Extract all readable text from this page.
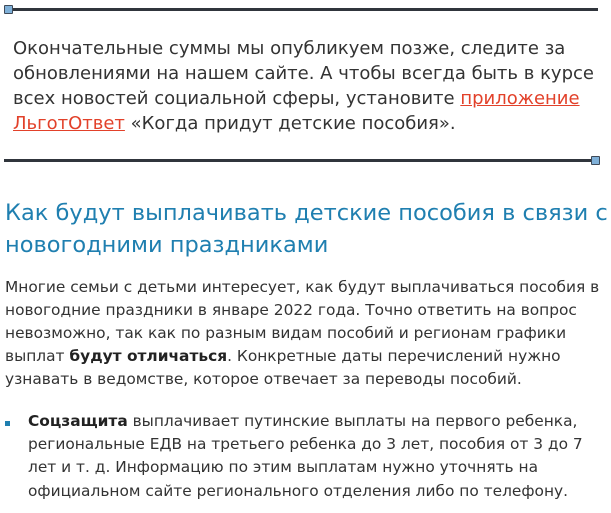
Окончательные суммы мы опубликуем позже, следите за обновлениями на нашем сайте. А чтобы всегда быть в курсе всех новостей социальной сферы, установите приложение ЛьготОтвет «Когда придут детские пособия».

Как будут выплачивать детские пособия в связи с новогодними праздниками

Многие семьи с детьми интересует, как будут выплачиваться пособия в новогодние праздники в январе 2022 года. Точно ответить на вопрос невозможно, так как по разным видам пособий и регионам графики выплат будут отличаться. Конкретные даты перечислений нужно узнавать в ведомстве, которое отвечает за переводы пособий.

Соцзащита выплачивает путинские выплаты на первого ребенка, региональные ЕДВ на третьего ребенка до 3 лет, пособия от 3 до 7 лет и т. д. Информацию по этим выплатам нужно уточнять на официальном сайте регионального отделения либо по телефону.
